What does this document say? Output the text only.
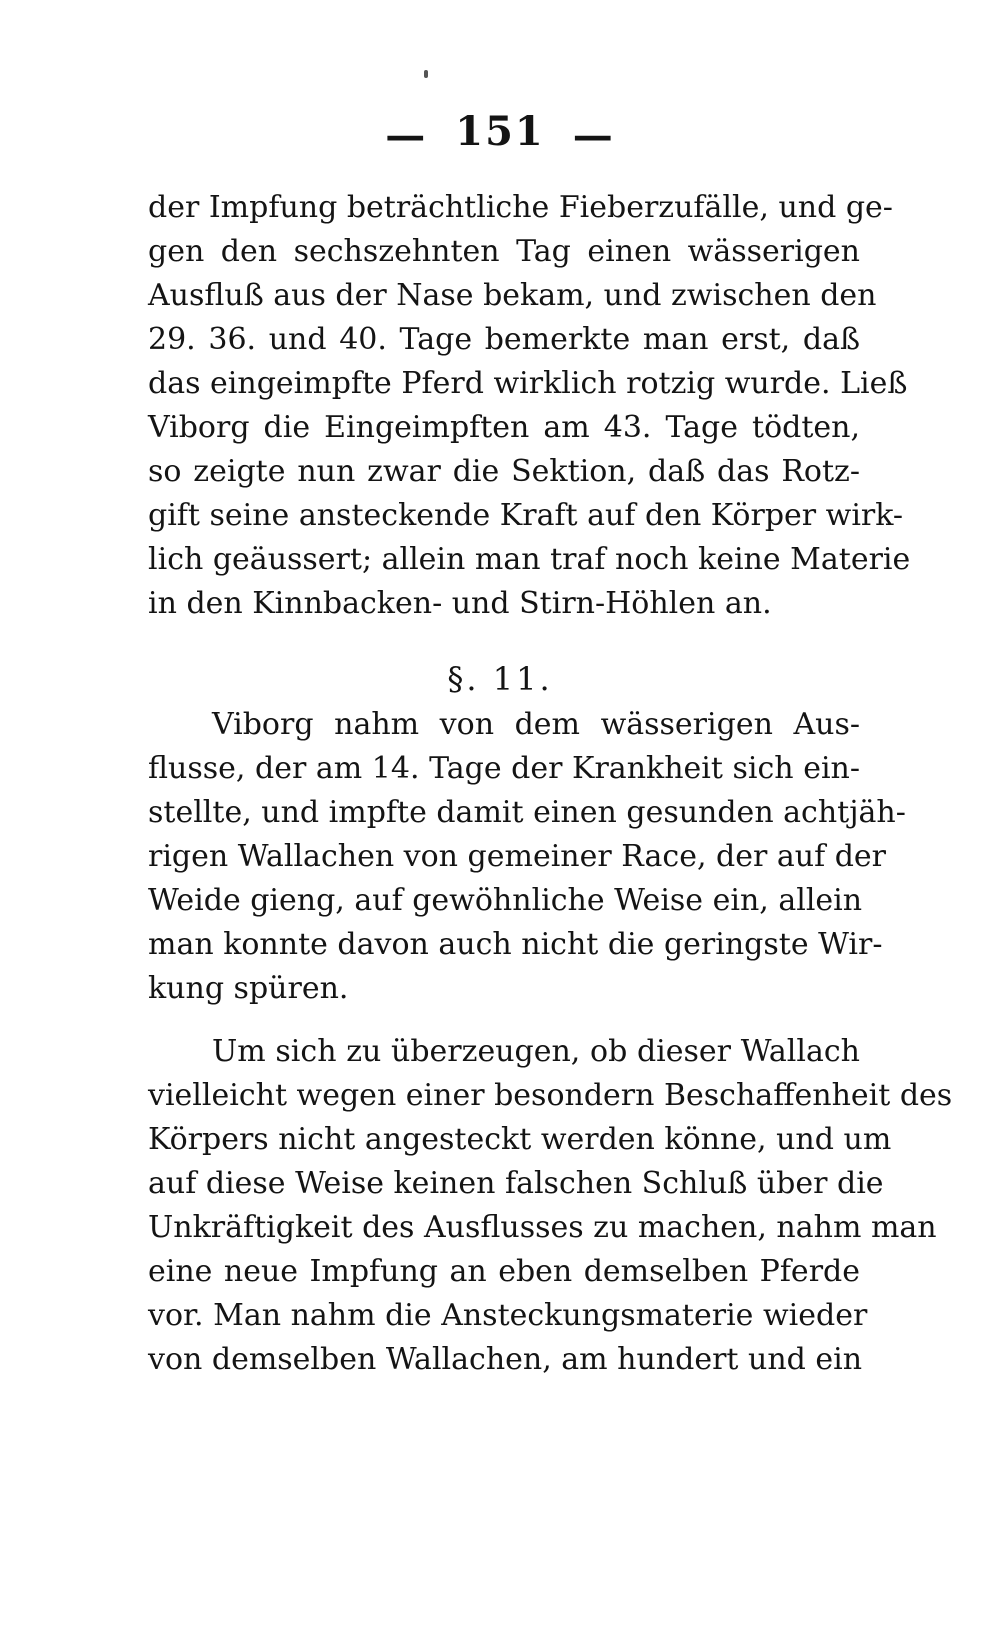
— 151 —
der Impfung beträchtliche Fieberzufälle, und ge-
gen den sechszehnten Tag einen wässerigen
Ausfluß aus der Nase bekam, und zwischen den
29. 36. und 40. Tage bemerkte man erst, daß
das eingeimpfte Pferd wirklich rotzig wurde. Ließ
Viborg die Eingeimpften am 43. Tage tödten,
so zeigte nun zwar die Sektion, daß das Rotz-
gift seine ansteckende Kraft auf den Körper wirk-
lich geäussert; allein man traf noch keine Materie
in den Kinnbacken- und Stirn-Höhlen an.
§. 11.
Viborg nahm von dem wässerigen Aus-
flusse, der am 14. Tage der Krankheit sich ein-
stellte, und impfte damit einen gesunden achtjäh-
rigen Wallachen von gemeiner Race, der auf der
Weide gieng, auf gewöhnliche Weise ein, allein
man konnte davon auch nicht die geringste Wir-
kung spüren.
Um sich zu überzeugen, ob dieser Wallach
vielleicht wegen einer besondern Beschaffenheit des
Körpers nicht angesteckt werden könne, und um
auf diese Weise keinen falschen Schluß über die
Unkräftigkeit des Ausflusses zu machen, nahm man
eine neue Impfung an eben demselben Pferde
vor. Man nahm die Ansteckungsmaterie wieder
von demselben Wallachen, am hundert und ein
